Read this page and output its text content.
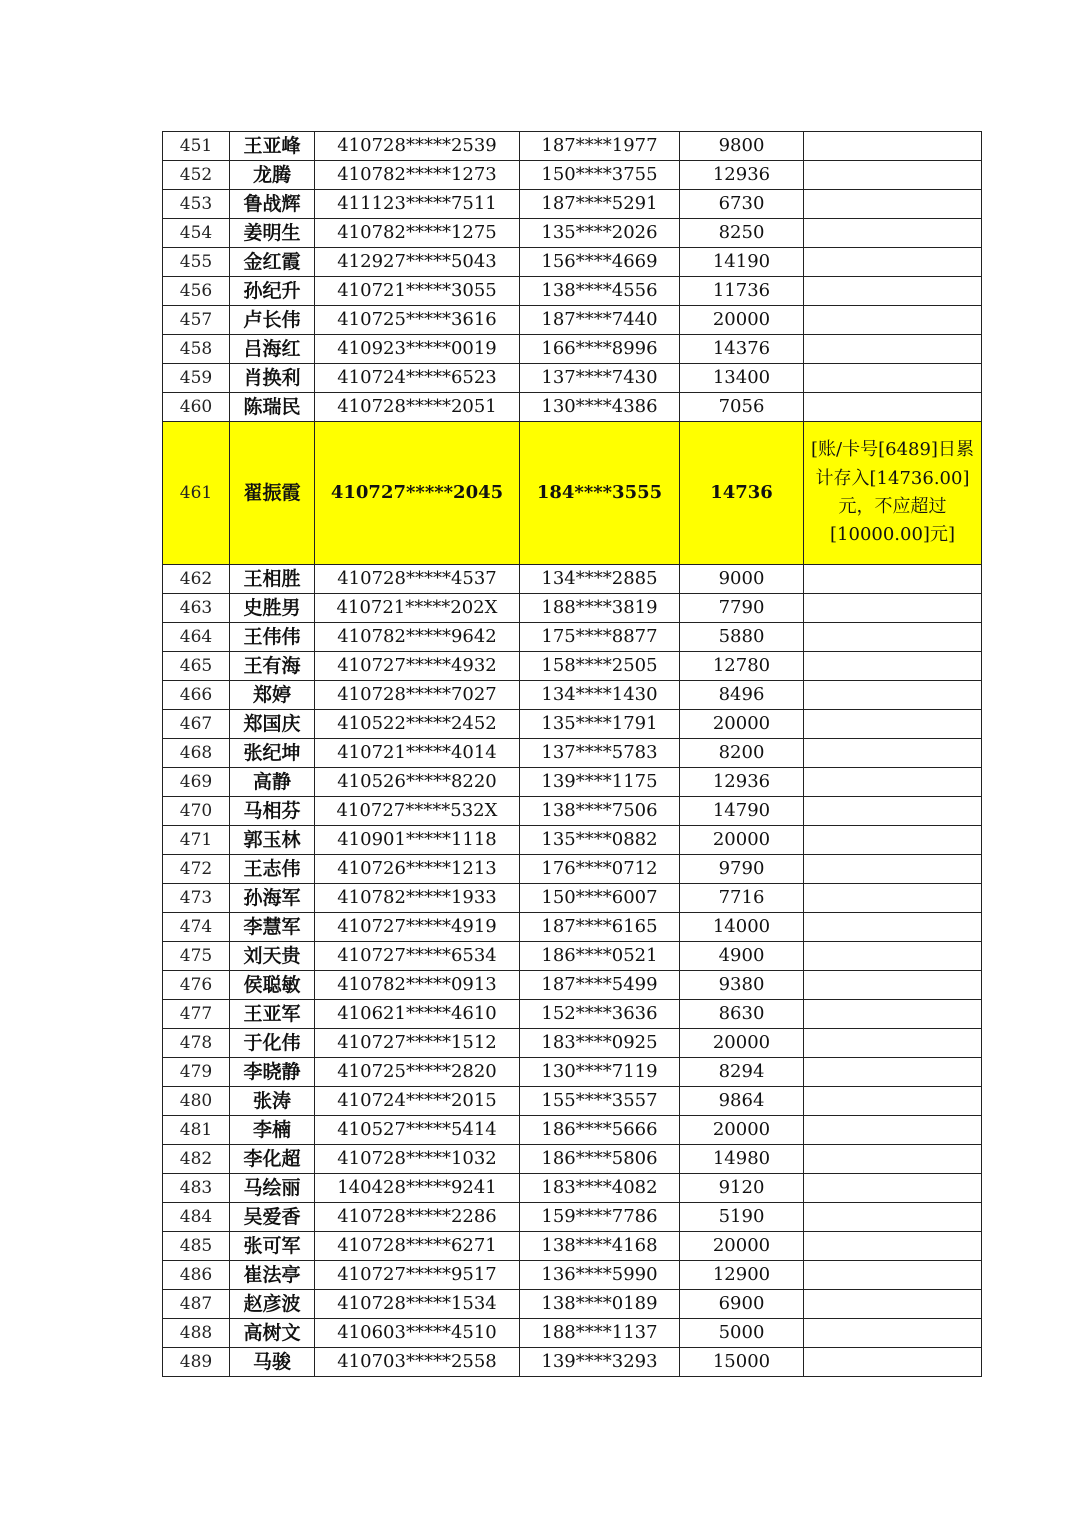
451	王亚峰	410728*****2539	187****1977	9800	
452	龙腾	410782*****1273	150****3755	12936	
453	鲁战辉	411123*****7511	187****5291	6730	
454	姜明生	410782*****1275	135****2026	8250	
455	金红霞	412927*****5043	156****4669	14190	
456	孙纪升	410721*****3055	138****4556	11736	
457	卢长伟	410725*****3616	187****7440	20000	
458	吕海红	410923*****0019	166****8996	14376	
459	肖换利	410724*****6523	137****7430	13400	
460	陈瑞民	410728*****2051	130****4386	7056	
461	翟振霞	410727*****2045	184****3555	14736	[账/卡号[6489]日累计存入[14736.00]元，不应超过[10000.00]元]
462	王相胜	410728*****4537	134****2885	9000	
463	史胜男	410721*****202X	188****3819	7790	
464	王伟伟	410782*****9642	175****8877	5880	
465	王有海	410727*****4932	158****2505	12780	
466	郑婷	410728*****7027	134****1430	8496	
467	郑国庆	410522*****2452	135****1791	20000	
468	张纪坤	410721*****4014	137****5783	8200	
469	高静	410526*****8220	139****1175	12936	
470	马相芬	410727*****532X	138****7506	14790	
471	郭玉林	410901*****1118	135****0882	20000	
472	王志伟	410726*****1213	176****0712	9790	
473	孙海军	410782*****1933	150****6007	7716	
474	李慧军	410727*****4919	187****6165	14000	
475	刘天贵	410727*****6534	186****0521	4900	
476	侯聪敏	410782*****0913	187****5499	9380	
477	王亚军	410621*****4610	152****3636	8630	
478	于化伟	410727*****1512	183****0925	20000	
479	李晓静	410725*****2820	130****7119	8294	
480	张涛	410724*****2015	155****3557	9864	
481	李楠	410527*****5414	186****5666	20000	
482	李化超	410728*****1032	186****5806	14980	
483	马绘丽	140428*****9241	183****4082	9120	
484	吴爱香	410728*****2286	159****7786	5190	
485	张可军	410728*****6271	138****4168	20000	
486	崔法亭	410727*****9517	136****5990	12900	
487	赵彦波	410728*****1534	138****0189	6900	
488	高树文	410603*****4510	188****1137	5000	
489	马骏	410703*****2558	139****3293	15000	
